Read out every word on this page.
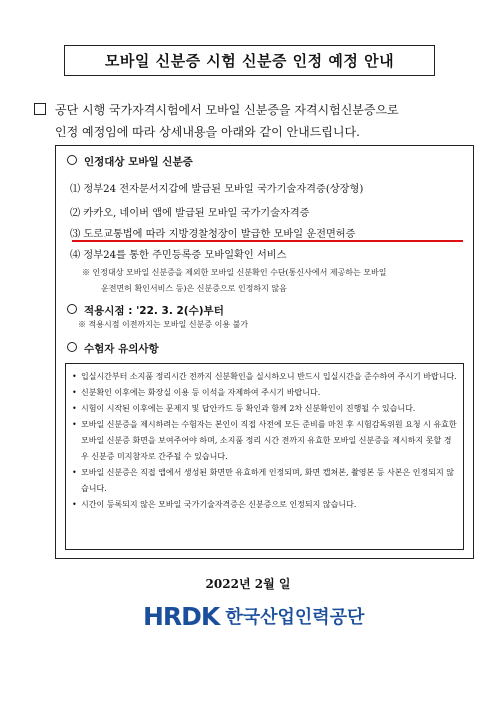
모바일 신분증 시험 신분증 인정 예정 안내
공단 시행 국가자격시험에서 모바일 신분증을 자격시험신분증으로
인정 예정임에 따라 상세내용을 아래와 같이 안내드립니다.
인정대상 모바일 신분증
⑴ 정부24 전자문서지갑에 발급된 모바일 국가기술자격증(상장형)
⑵ 카카오, 네이버 앱에 발급된 모바일 국가기술자격증
⑶ 도로교통법에 따라 지방경찰청장이 발급한 모바일 운전면허증
⑷ 정부24를 통한 주민등록증 모바일확인 서비스
※ 인정대상 모바일 신분증을 제외한 모바일 신분확인 수단(통신사에서 제공하는 모바일
운전면허 확인서비스 등)은 신분증으로 인정하지 않음
적용시점 : '22. 3. 2(수)부터
※ 적용시점 이전까지는 모바일 신분증 이용 불가
수험자 유의사항
• 입실시간부터 소지품 정리시간 전까지 신분확인을 실시하오니 반드시 입실시간을 준수하여 주시기 바랍니다.
• 신분확인 이후에는 화장실 이용 등 이석을 자제하여 주시기 바랍니다.
• 시험이 시작된 이후에는 문제지 및 답안카드 등 확인과 함께 2차 신분확인이 진행될 수 있습니다.
• 모바일 신분증을 제시하려는 수험자는 본인이 직접 사전에 모든 준비를 마친 후 시험감독위원 요청 시 유효한 모바일 신분증 화면을 보여주어야 하며, 소지품 정리 시간 전까지 유효한 모바일 신분증을 제시하지 못할 경우 신분증 미지참자로 간주될 수 있습니다.
• 모바일 신분증은 직접 앱에서 생성된 화면만 유효하게 인정되며, 화면 캡쳐본, 촬영본 등 사본은 인정되지 않습니다.
• 시간이 등록되지 않은 모바일 국가기술자격증은 신분증으로 인정되지 않습니다.
2022년 2월 일
HRDK 한국산업인력공단
